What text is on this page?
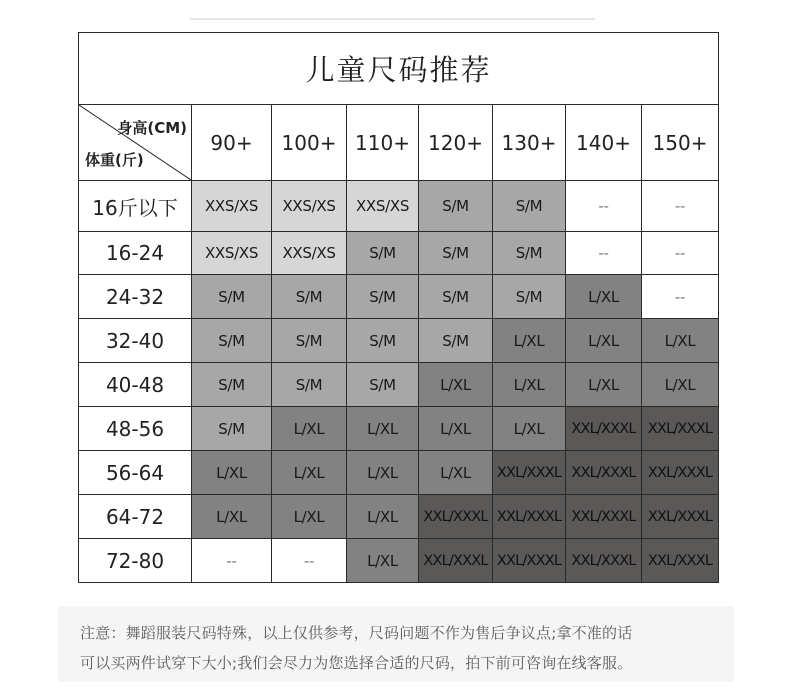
儿童尺码推荐							

身高(CM)
体重(斤)	90+	100+	110+	120+	130+	140+	150+
16斤以下	XXS/XS	XXS/XS	XXS/XS	S/M	S/M	--	--
16-24	XXS/XS	XXS/XS	S/M	S/M	S/M	--	--
24-32	S/M	S/M	S/M	S/M	S/M	L/XL	--
32-40	S/M	S/M	S/M	S/M	L/XL	L/XL	L/XL
40-48	S/M	S/M	S/M	L/XL	L/XL	L/XL	L/XL
48-56	S/M	L/XL	L/XL	L/XL	L/XL	XXL/XXXL	XXL/XXXL
56-64	L/XL	L/XL	L/XL	L/XL	XXL/XXXL	XXL/XXXL	XXL/XXXL
64-72	L/XL	L/XL	L/XL	XXL/XXXL	XXL/XXXL	XXL/XXXL	XXL/XXXL
72-80	--	--	L/XL	XXL/XXXL	XXL/XXXL	XXL/XXXL	XXL/XXXL
注意：舞蹈服装尺码特殊，以上仅供参考，尺码问题不作为售后争议点;拿不准的话
可以买两件试穿下大小;我们会尽力为您选择合适的尺码，拍下前可咨询在线客服。
